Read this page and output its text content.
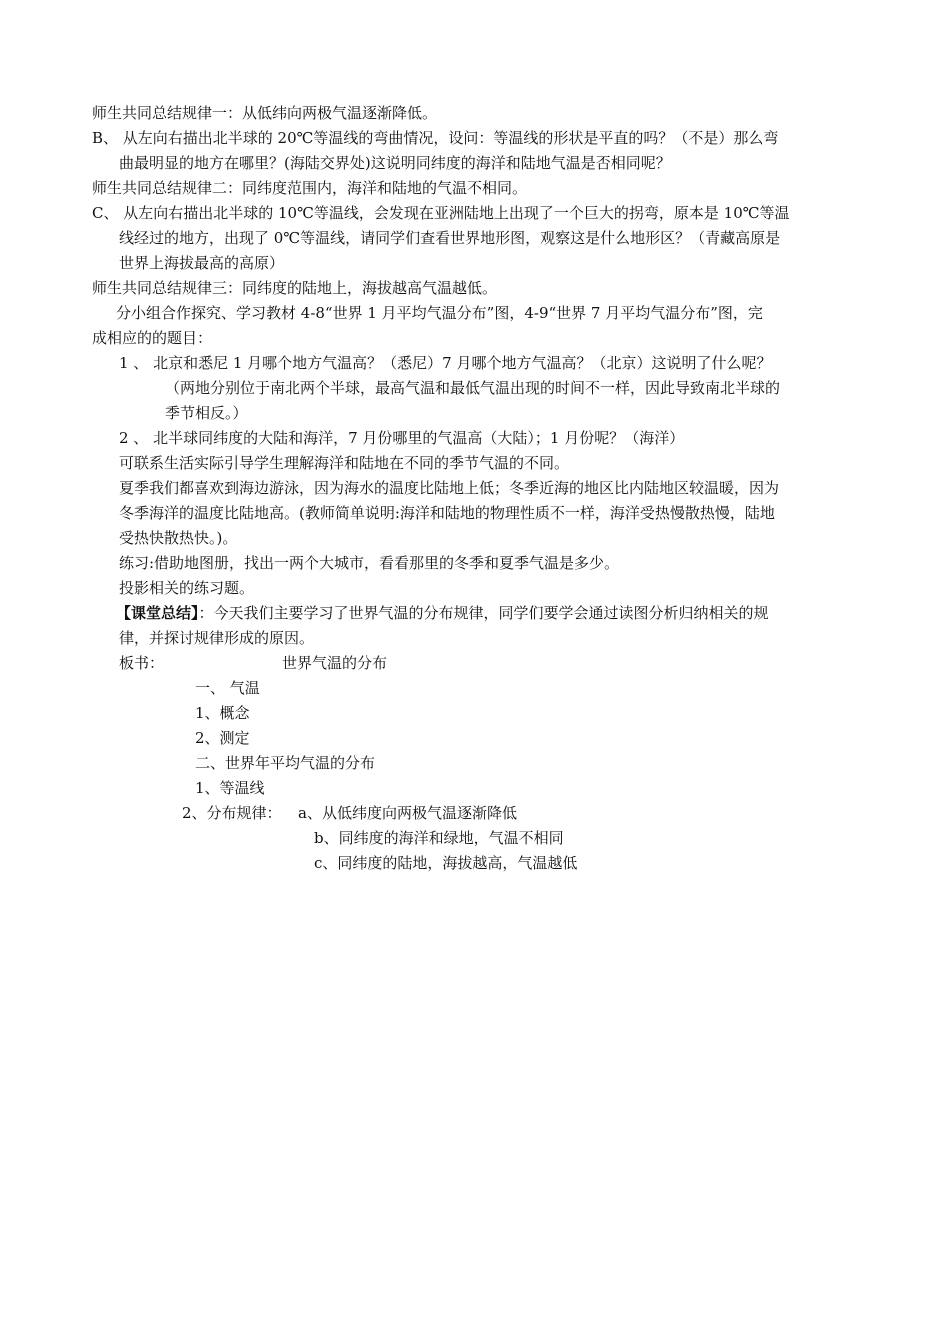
师生共同总结规律一：从低纬向两极气温逐渐降低。
B、 从左向右描出北半球的 20℃等温线的弯曲情况，设问：等温线的形状是平直的吗？（不是）那么弯
曲最明显的地方在哪里？(海陆交界处)这说明同纬度的海洋和陆地气温是否相同呢？
师生共同总结规律二：同纬度范围内，海洋和陆地的气温不相同。
C、 从左向右描出北半球的 10℃等温线，会发现在亚洲陆地上出现了一个巨大的拐弯，原本是 10℃等温
线经过的地方，出现了 0℃等温线，请同学们查看世界地形图，观察这是什么地形区？（青藏高原是
世界上海拔最高的高原）
师生共同总结规律三：同纬度的陆地上，海拔越高气温越低。
分小组合作探究、学习教材 4-8“世界 1 月平均气温分布”图，4-9“世界 7 月平均气温分布”图，完
成相应的的题目：
1 、 北京和悉尼 1 月哪个地方气温高？（悉尼）7 月哪个地方气温高？（北京）这说明了什么呢？
（两地分别位于南北两个半球，最高气温和最低气温出现的时间不一样，因此导致南北半球的
季节相反。）
2 、 北半球同纬度的大陆和海洋，7 月份哪里的气温高（大陆）；1 月份呢？（海洋）
可联系生活实际引导学生理解海洋和陆地在不同的季节气温的不同。
夏季我们都喜欢到海边游泳，因为海水的温度比陆地上低；冬季近海的地区比内陆地区较温暖，因为
冬季海洋的温度比陆地高。(教师简单说明:海洋和陆地的物理性质不一样，海洋受热慢散热慢，陆地
受热快散热快。)。
练习:借助地图册，找出一两个大城市，看看那里的冬季和夏季气温是多少。
投影相关的练习题。
【课堂总结】：今天我们主要学习了世界气温的分布规律，同学们要学会通过读图分析归纳相关的规
律，并探讨规律形成的原因。
板书：	世界气温的分布
一、 气温
1、概念
2、测定
二、世界年平均气温的分布
1、等温线
2、分布规律： a、从低纬度向两极气温逐渐降低
b、同纬度的海洋和绿地，气温不相同
c、同纬度的陆地，海拔越高，气温越低
